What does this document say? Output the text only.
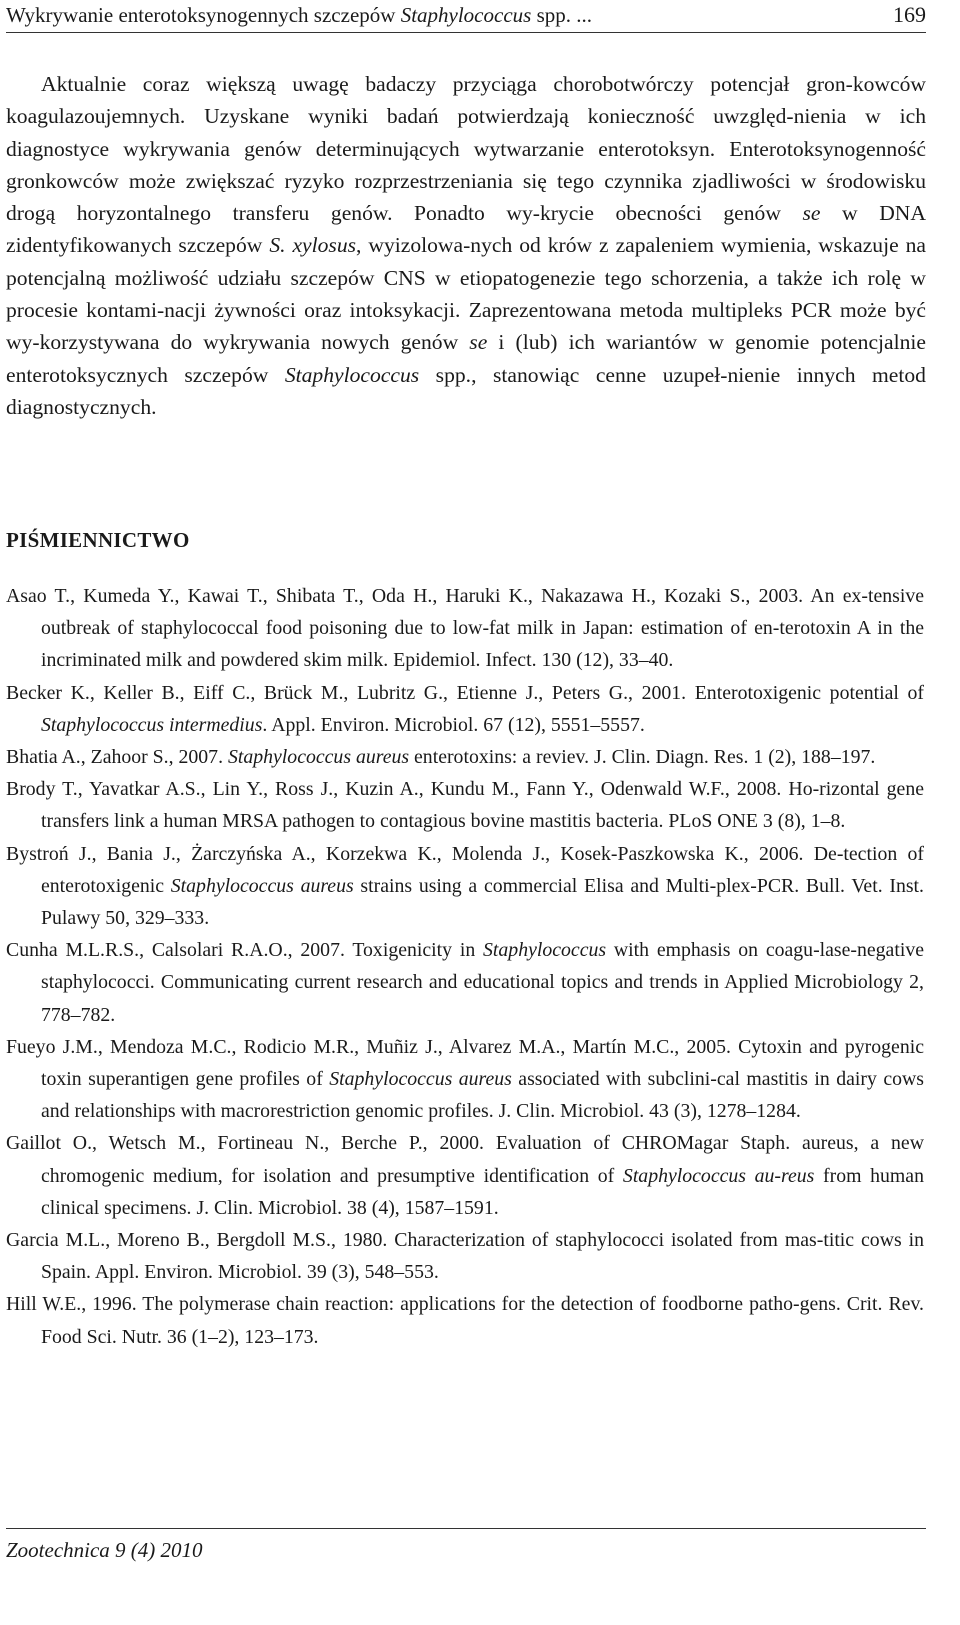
Wykrywanie enterotoksynogennych szczepów Staphylococcus spp. ...	169

Aktualnie coraz większą uwagę badaczy przyciąga chorobotwórczy potencjał gron-kowców koagulazoujemnych. Uzyskane wyniki badań potwierdzają konieczność uwzględ-nienia w ich diagnostyce wykrywania genów determinujących wytwarzanie enterotoksyn. Enterotoksynogenność gronkowców może zwiększać ryzyko rozprzestrzeniania się tego czynnika zjadliwości w środowisku drogą horyzontalnego transferu genów. Ponadto wy-krycie obecności genów se w DNA zidentyfikowanych szczepów S. xylosus, wyizolowa-nych od krów z zapaleniem wymienia, wskazuje na potencjalną możliwość udziału szczepów CNS w etiopatogenezie tego schorzenia, a także ich rolę w procesie kontami-nacji żywności oraz intoksykacji. Zaprezentowana metoda multipleks PCR może być wy-korzystywana do wykrywania nowych genów se i (lub) ich wariantów w genomie potencjalnie enterotoksycznych szczepów Staphylococcus spp., stanowiąc cenne uzupeł-nienie innych metod diagnostycznych.

PIŚMIENNICTWO
Asao T., Kumeda Y., Kawai T., Shibata T., Oda H., Haruki K., Nakazawa H., Kozaki S., 2003. An ex-tensive outbreak of staphylococcal food poisoning due to low-fat milk in Japan: estimation of en-terotoxin A in the incriminated milk and powdered skim milk. Epidemiol. Infect. 130 (12), 33–40.
Becker K., Keller B., Eiff C., Brück M., Lubritz G., Etienne J., Peters G., 2001. Enterotoxigenic potential of Staphylococcus intermedius. Appl. Environ. Microbiol. 67 (12), 5551–5557.
Bhatia A., Zahoor S., 2007. Staphylococcus aureus enterotoxins: a reviev. J. Clin. Diagn. Res. 1 (2), 188–197.
Brody T., Yavatkar A.S., Lin Y., Ross J., Kuzin A., Kundu M., Fann Y., Odenwald W.F., 2008. Ho-rizontal gene transfers link a human MRSA pathogen to contagious bovine mastitis bacteria. PLoS ONE 3 (8), 1–8.
Bystroń J., Bania J., Żarczyńska A., Korzekwa K., Molenda J., Kosek-Paszkowska K., 2006. De-tection of enterotoxigenic Staphylococcus aureus strains using a commercial Elisa and Multi-plex-PCR. Bull. Vet. Inst. Pulawy 50, 329–333.
Cunha M.L.R.S., Calsolari R.A.O., 2007. Toxigenicity in Staphylococcus with emphasis on coagu-lase-negative staphylococci. Communicating current research and educational topics and trends in Applied Microbiology 2, 778–782.
Fueyo J.M., Mendoza M.C., Rodicio M.R., Muñiz J., Alvarez M.A., Martín M.C., 2005. Cytoxin and pyrogenic toxin superantigen gene profiles of Staphylococcus aureus associated with subclini-cal mastitis in dairy cows and relationships with macrorestriction genomic profiles. J. Clin. Microbiol. 43 (3), 1278–1284.
Gaillot O., Wetsch M., Fortineau N., Berche P., 2000. Evaluation of CHROMagar Staph. aureus, a new chromogenic medium, for isolation and presumptive identification of Staphylococcus au-reus from human clinical specimens. J. Clin. Microbiol. 38 (4), 1587–1591.
Garcia M.L., Moreno B., Bergdoll M.S., 1980. Characterization of staphylococci isolated from mas-titic cows in Spain. Appl. Environ. Microbiol. 39 (3), 548–553.
Hill W.E., 1996. The polymerase chain reaction: applications for the detection of foodborne patho-gens. Crit. Rev. Food Sci. Nutr. 36 (1–2), 123–173.
Zootechnica 9 (4) 2010
